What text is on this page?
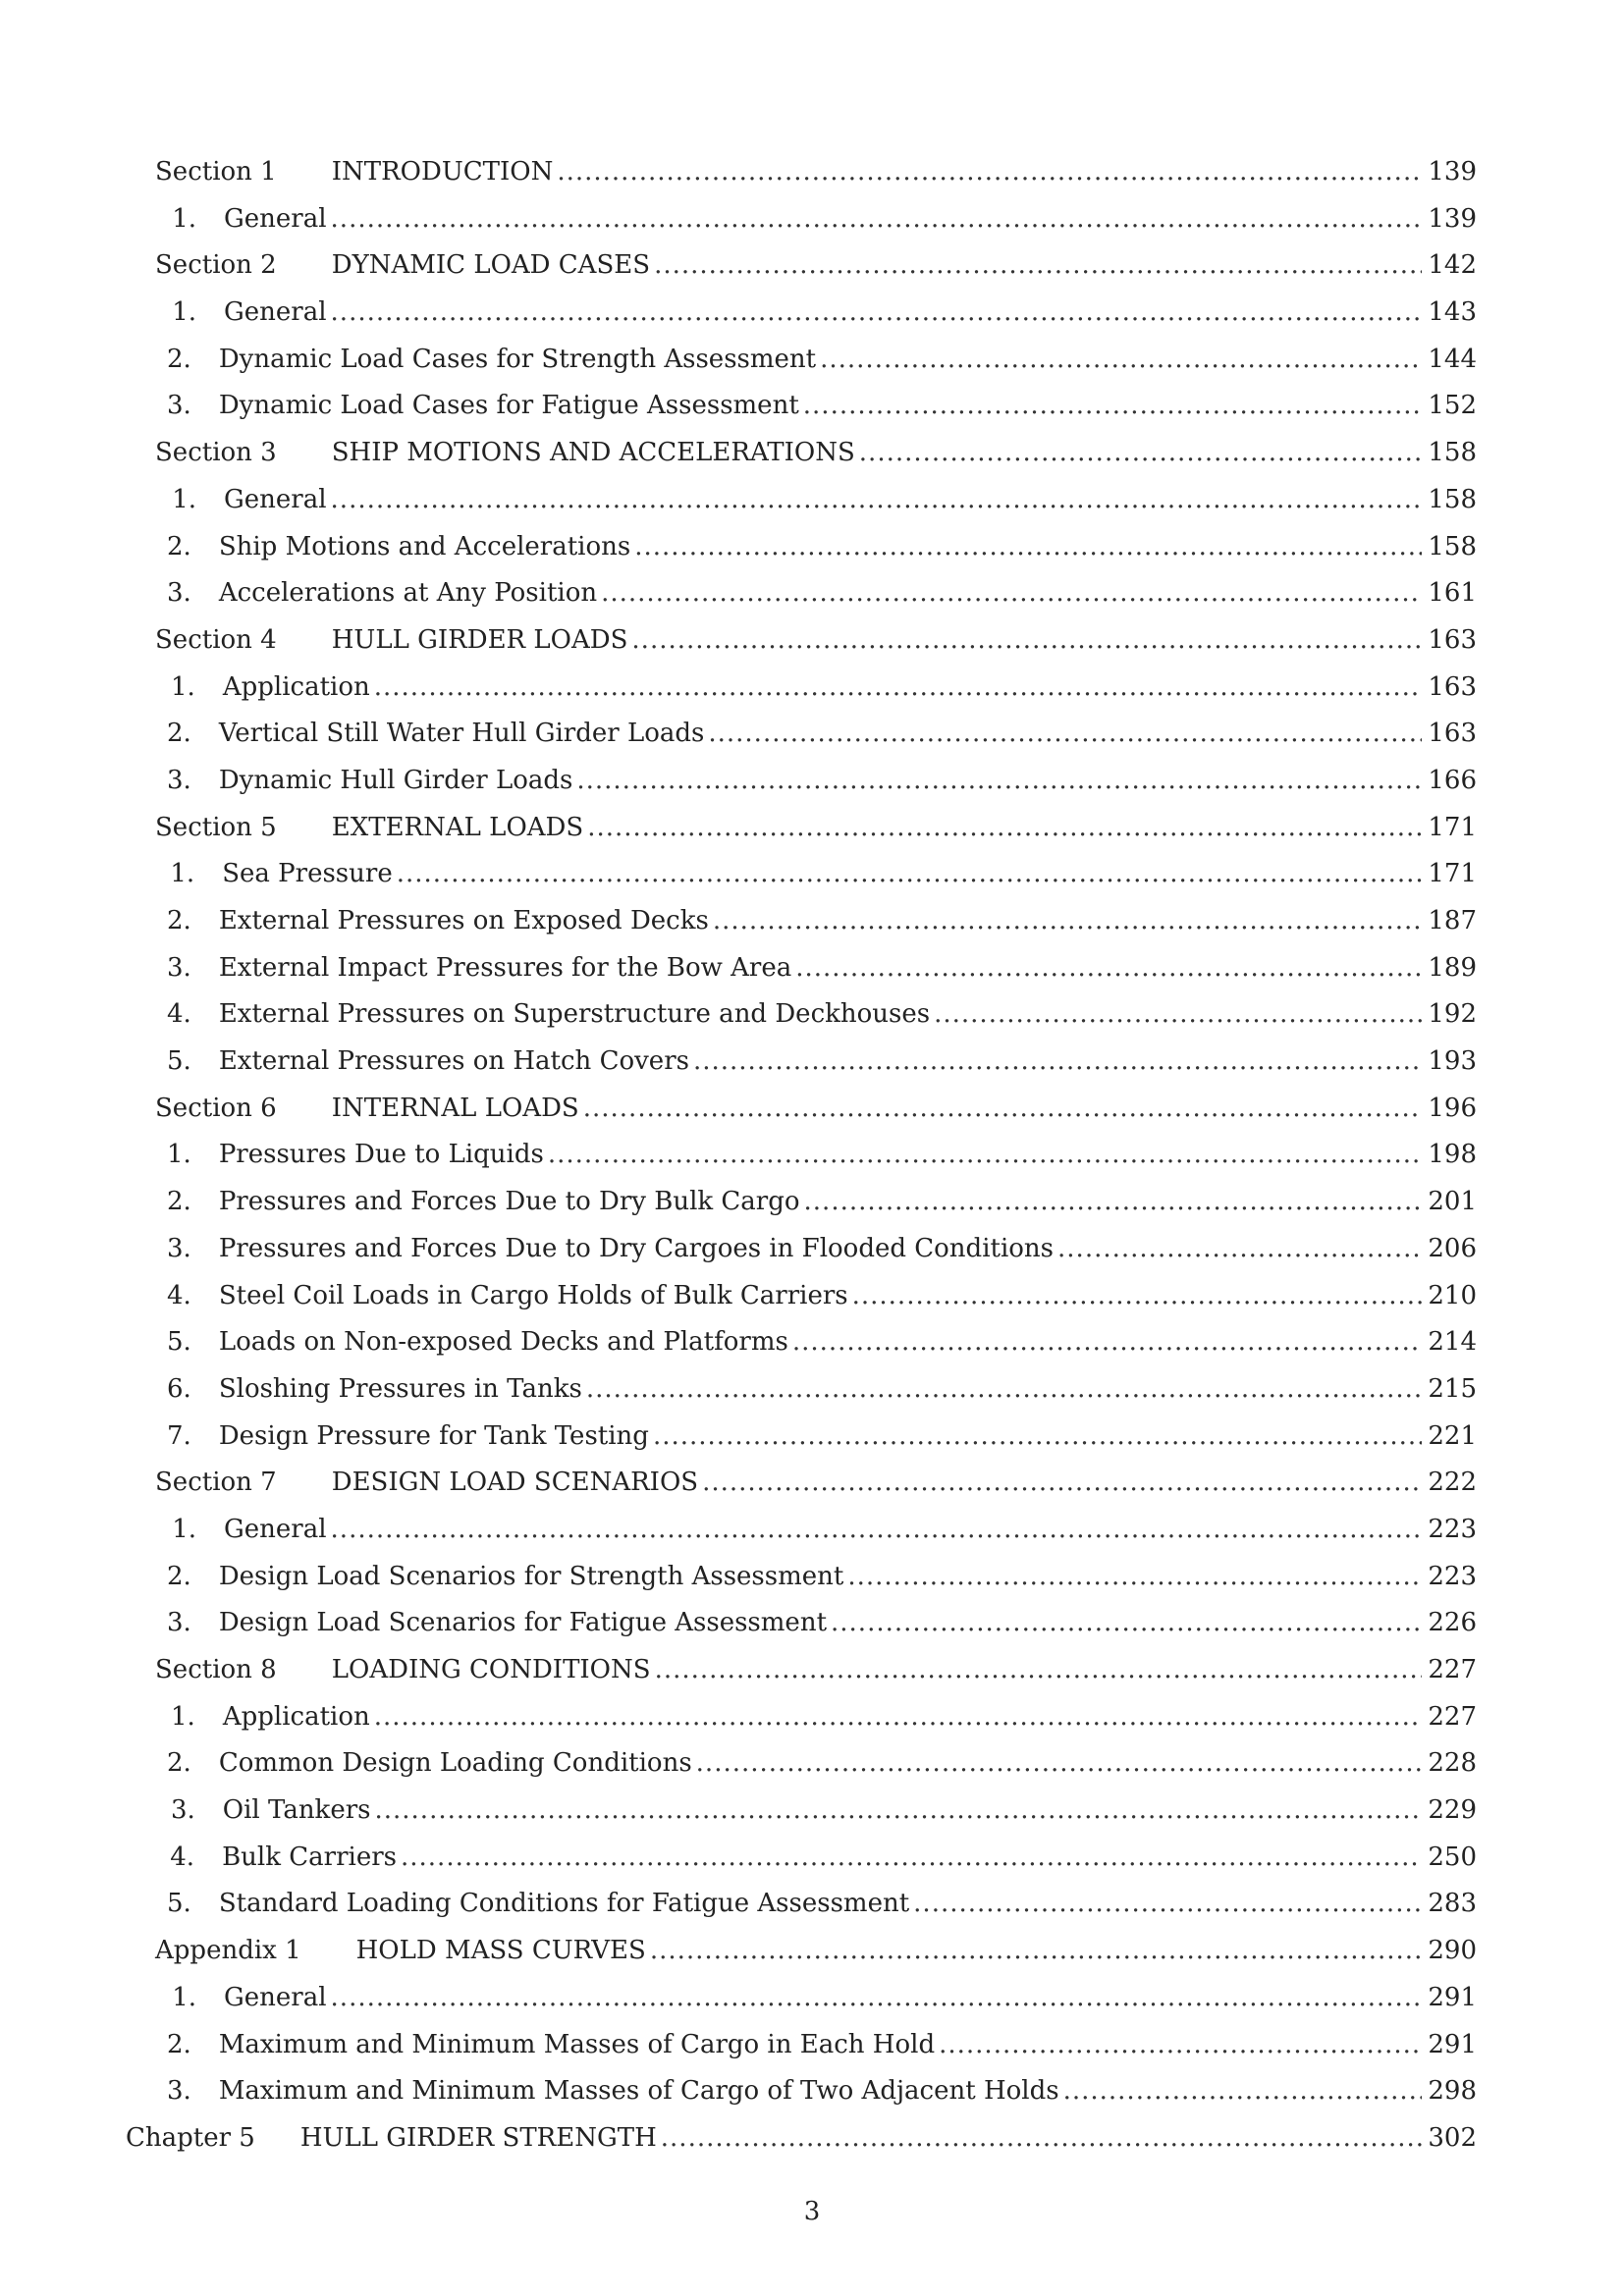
Section 1 INTRODUCTION .....	139
1. General .....	139
Section 2 DYNAMIC LOAD CASES .....	142
1. General .....	143
2. Dynamic Load Cases for Strength Assessment .....	144
3. Dynamic Load Cases for Fatigue Assessment .....	152
Section 3 SHIP MOTIONS AND ACCELERATIONS .....	158
1. General .....	158
2. Ship Motions and Accelerations .....	158
3. Accelerations at Any Position .....	161
Section 4 HULL GIRDER LOADS .....	163
1. Application .....	163
2. Vertical Still Water Hull Girder Loads .....	163
3. Dynamic Hull Girder Loads .....	166
Section 5 EXTERNAL LOADS .....	171
1. Sea Pressure .....	171
2. External Pressures on Exposed Decks .....	187
3. External Impact Pressures for the Bow Area .....	189
4. External Pressures on Superstructure and Deckhouses .....	192
5. External Pressures on Hatch Covers .....	193
Section 6 INTERNAL LOADS .....	196
1. Pressures Due to Liquids .....	198
2. Pressures and Forces Due to Dry Bulk Cargo .....	201
3. Pressures and Forces Due to Dry Cargoes in Flooded Conditions .....	206
4. Steel Coil Loads in Cargo Holds of Bulk Carriers .....	210
5. Loads on Non-exposed Decks and Platforms .....	214
6. Sloshing Pressures in Tanks .....	215
7. Design Pressure for Tank Testing .....	221
Section 7 DESIGN LOAD SCENARIOS .....	222
1. General .....	223
2. Design Load Scenarios for Strength Assessment .....	223
3. Design Load Scenarios for Fatigue Assessment .....	226
Section 8 LOADING CONDITIONS .....	227
1. Application .....	227
2. Common Design Loading Conditions .....	228
3. Oil Tankers .....	229
4. Bulk Carriers .....	250
5. Standard Loading Conditions for Fatigue Assessment .....	283
Appendix 1 HOLD MASS CURVES .....	290
1. General .....	291
2. Maximum and Minimum Masses of Cargo in Each Hold .....	291
3. Maximum and Minimum Masses of Cargo of Two Adjacent Holds .....	298
Chapter 5 HULL GIRDER STRENGTH .....	302
3
